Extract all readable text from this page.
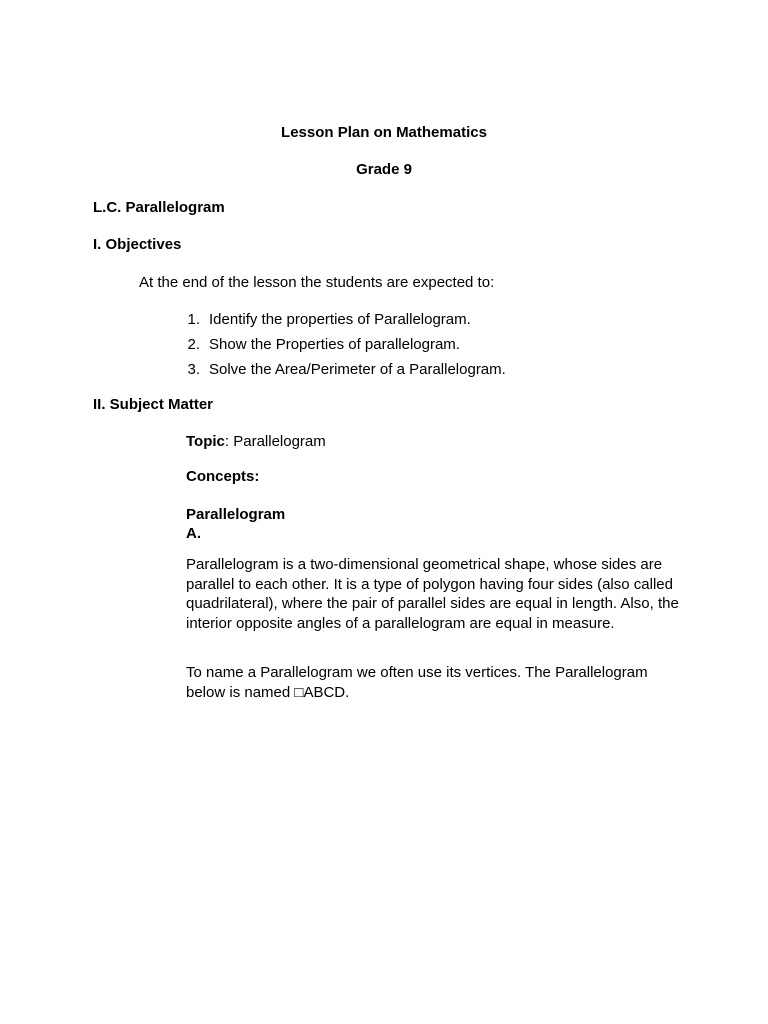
Lesson Plan on Mathematics
Grade 9
L.C. Parallelogram
I. Objectives
At the end of the lesson the students are expected to:
1. Identify the properties of Parallelogram.
2. Show the Properties of parallelogram.
3. Solve the Area/Perimeter of a Parallelogram.
II. Subject Matter
Topic: Parallelogram
Concepts:
Parallelogram
A.
Parallelogram is a two-dimensional geometrical shape, whose sides are parallel to each other. It is a type of polygon having four sides (also called quadrilateral), where the pair of parallel sides are equal in length. Also, the interior opposite angles of a parallelogram are equal in measure.
To name a Parallelogram we often use its vertices. The Parallelogram below is named □ABCD.
